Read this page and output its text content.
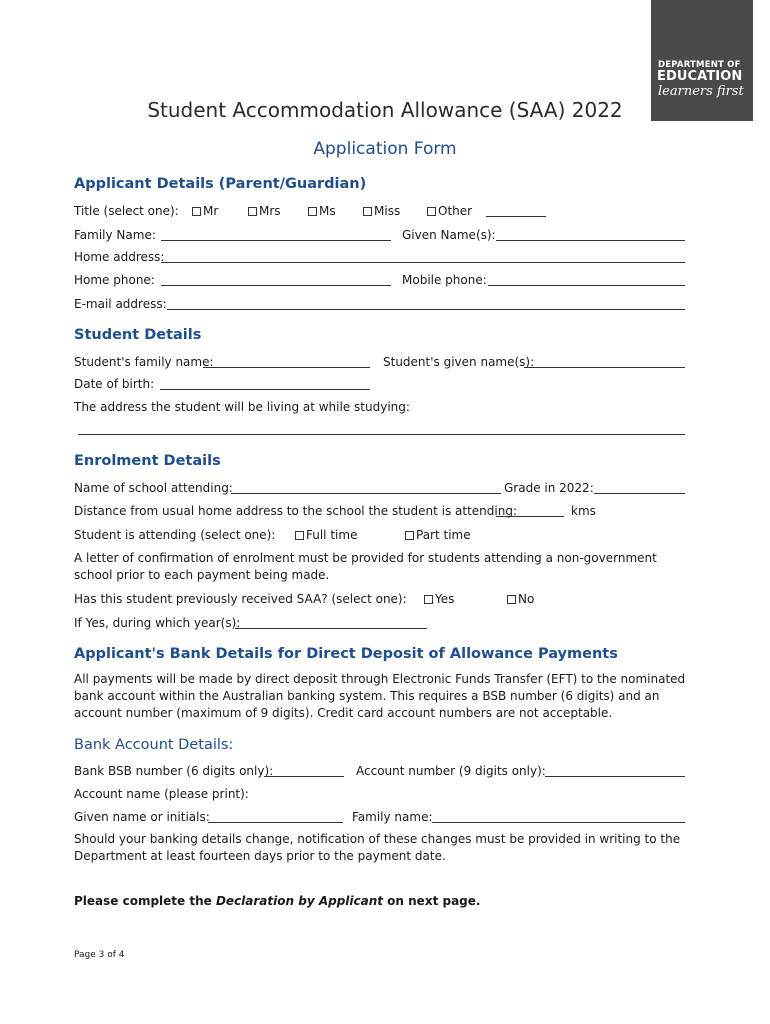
DEPARTMENT OF
EDUCATION
learners first
Student Accommodation Allowance (SAA) 2022
Application Form
Applicant Details (Parent/Guardian)
Title (select one):	Mr	Mrs	Ms	Miss	Other
Family Name:	Given Name(s):
Home address:
Home phone:	Mobile phone:
E-mail address:
Student Details
Student's family name:	Student's given name(s):
Date of birth:
The address the student will be living at while studying:
Enrolment Details
Name of school attending:	Grade in 2022:
Distance from usual home address to the school the student is attending:	kms
Student is attending (select one):	Full time	Part time
A letter of confirmation of enrolment must be provided for students attending a non-government school prior to each payment being made.
Has this student previously received SAA? (select one):	Yes	No
If Yes, during which year(s):
Applicant's Bank Details for Direct Deposit of Allowance Payments
All payments will be made by direct deposit through Electronic Funds Transfer (EFT) to the nominated bank account within the Australian banking system. This requires a BSB number (6 digits) and an account number (maximum of 9 digits). Credit card account numbers are not acceptable.
Bank Account Details:
Bank BSB number (6 digits only):	Account number (9 digits only):
Account name (please print):
Given name or initials:	Family name:
Should your banking details change, notification of these changes must be provided in writing to the Department at least fourteen days prior to the payment date.
Please complete the Declaration by Applicant on next page.
Page 3 of 4
